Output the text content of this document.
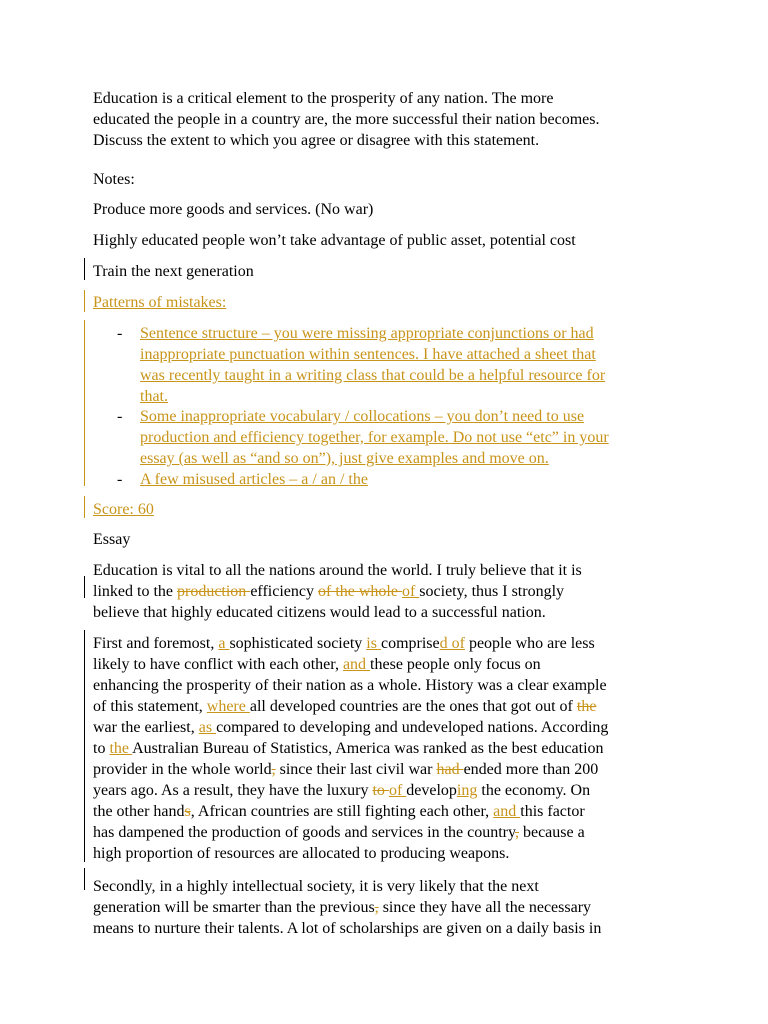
Education is a critical element to the prosperity of any nation. The more
educated the people in a country are, the more successful their nation becomes.
Discuss the extent to which you agree or disagree with this statement.

Notes:

Produce more goods and services. (No war)

Highly educated people won’t take advantage of public asset, potential cost

Train the next generation

Patterns of mistakes:

- Sentence structure – you were missing appropriate conjunctions or had
inappropriate punctuation within sentences. I have attached a sheet that
was recently taught in a writing class that could be a helpful resource for
that.

- Some inappropriate vocabulary / collocations – you don’t need to use
production and efficiency together, for example. Do not use “etc” in your
essay (as well as “and so on”), just give examples and move on.

- A few misused articles – a / an / the

Score: 60

Essay

Education is vital to all the nations around the world. I truly believe that it is
linked to the production efficiency of the whole of society, thus I strongly
believe that highly educated citizens would lead to a successful nation.

First and foremost, a sophisticated society is comprised of people who are less
likely to have conflict with each other, and these people only focus on
enhancing the prosperity of their nation as a whole. History was a clear example
of this statement, where all developed countries are the ones that got out of the
war the earliest, as compared to developing and undeveloped nations. According
to the Australian Bureau of Statistics, America was ranked as the best education
provider in the whole world, since their last civil war had ended more than 200
years ago. As a result, they have the luxury to of developing the economy. On
the other hands, African countries are still fighting each other, and this factor
has dampened the production of goods and services in the country, because a
high proportion of resources are allocated to producing weapons.

Secondly, in a highly intellectual society, it is very likely that the next
generation will be smarter than the previous, since they have all the necessary
means to nurture their talents. A lot of scholarships are given on a daily basis in
